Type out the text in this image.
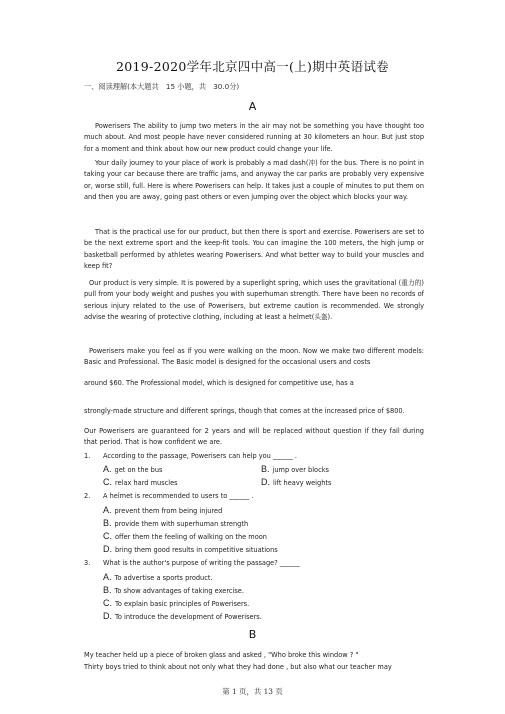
2019-2020学年北京四中高一(上)期中英语试卷
一、阅读理解(本大题共　15 小题，共　30.0分)
A
Powerisers The ability to jump two meters in the air may not be something you have thought too much about. And most people have never considered running at 30 kilometers an hour. But just stop for a moment and think about how our new product could change your life.
Your daily journey to your place of work is probably a mad dash(冲) for the bus. There is no point in taking your car because there are traffic jams, and anyway the car parks are probably very expensive or, worse still, full. Here is where Powerisers can help. It takes just a couple of minutes to put them on and then you are away, going past others or even jumping over the object which blocks your way.
That is the practical use for our product, but then there is sport and exercise. Powerisers are set to be the next extreme sport and the keep-fit tools. You can imagine the 100 meters, the high jump or basketball performed by athletes wearing Powerisers. And what better way to build your muscles and keep fit?
Our product is very simple. It is powered by a superlight spring, which uses the gravitational (重力的) pull from your body weight and pushes you with superhuman strength. There have been no records of serious injury related to the use of Powerisers, but extreme caution is recommended. We strongly advise the wearing of protective clothing, including at least a helmet(头盔).
Powerisers make you feel as if you were walking on the moon. Now we make two different models: Basic and Professional. The Basic model is designed for the occasional users and costs
around $60. The Professional model, which is designed for competitive use, has a
strongly-made structure and different springs, though that comes at the increased price of $800.
Our Powerisers are guaranteed for 2 years and will be replaced without question if they fail during that period. That is how confident we are.
1. According to the passage, Powerisers can help you ______ .
A. get on the bus	B. jump over blocks
C. relax hard muscles	D. lift heavy weights
2. A helmet is recommended to users to ______ .
A. prevent them from being injured
B. provide them with superhuman strength
C. offer them the feeling of walking on the moon
D. bring them good results in competitive situations
3. What is the author's purpose of writing the passage? ______
A. To advertise a sports product.
B. To show advantages of taking exercise.
C. To explain basic principles of Powerisers.
D. To introduce the development of Powerisers.
B
My teacher held up a piece of broken glass and asked , "Who broke this window ? "
Thirty boys tried to think about not only what they had done , but also what our teacher may
第 1 页，共 13 页
